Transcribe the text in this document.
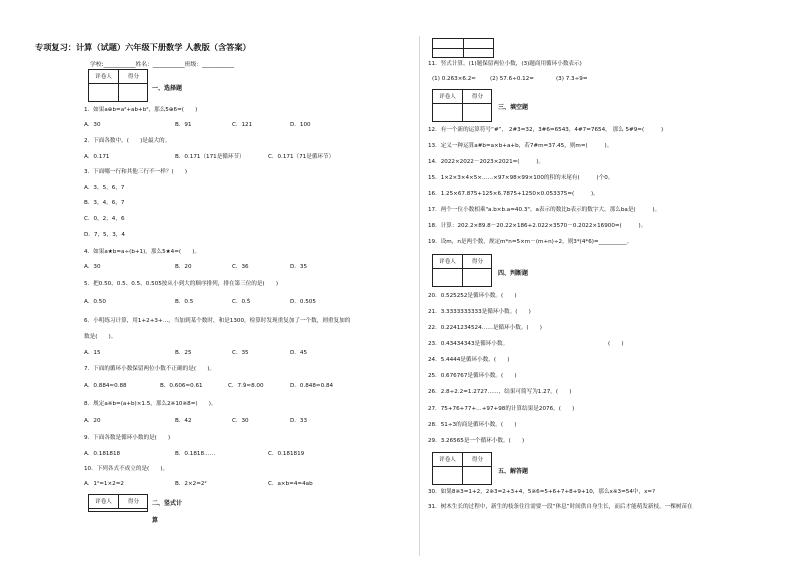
专项复习：计算（试题）六年级下册数学 人教版（含答案）
学校:___________姓名：___________班级：___________
评卷人	得分
一、选择题
1．如果a⊕b=a²+ab+b²，那么5⊕6=(　　)
A．30	B．91	C．121	D．100
2．下面各数中，(　　)是最大的。
A．0.171	B．0.171（171是循环节）	C．0.171（71是循环节）
3．下面哪一行和其他三行不一样？(　　)
A．3，5，6，7
B．3，4，6，7
C．0，2，4，6
D．7，5，3，4
4．如果a★b=a÷(b+1)，那么5★4=(　　)。
A．30	B．20	C．36	D．35
5．把0.50、0.5、0.5̇、0.505按从小到大的顺序排列，排在第三位的是(　　)
A．0.50	B．0.5	C．0.5̇	D．0.505
6．小明练习计算，用1+2+3+…，当加到某个数时，和是1300，检算时发现重复加了一个数，则重复加的
数是(　　)。
A．15	B．25	C．35	D．45
7．下面的循环小数保留两位小数不正确的是(　　)。
A．0.884≈0.88	B．0.606≈0.61	C．7.9̇≈8.00	D．0.848≈0.84
8．规定a※b=(a+b)×1.5，那么2※10※8=(　　)。
A．20	B．42	C．30	D．33
9．下面各数是循环小数的是(　　)
A．0.181818	B．0.1818……	C．0.181819
10．下列各式不成立的是(　　)。
A．1²=1×2=2	B．2×2=2²	C．a×b=4=4ab
评卷人	得分	二、竖式计
算
11．竖式计算。(1)题保留两位小数，(3)题商用循环小数表示)
(1) 0.263×6.2≈	(2) 57.6÷0.12=	(3) 7.3÷9=
评卷人	得分
三、填空题
12．有一个新的运算符号“#”， 2#3=32，3#6=6543，4#7=7654， 那么 5#9=(　　　)
13．定义一种运算a#b=a×b+a+b，若7#m=37.45，则m=(　　　)。
14．2022×2022－2023×2021=(　　　)。
15．1×2×3×4×5×……×97×98×99×100的积的末尾有(　　　)个0。
16．1.25×67.875+125×6.7875+1250×0.053375=(　　　)。
17．两个一位小数相乘"a.b×b.a=40.3"，a表示的数比b表示的数字大，那么ba是(　　　)。
18．计算：202.2×89.8－20.22×186+2.022×3570－0.2022×16900=(　　　)。
19．设m，n是两个数，规定m*n=5×m－(m+n)÷2，则3*(4*6)=__________。
评卷人	得分
四、判断题
20．0.525252是循环小数。(　　)
21．3.3333333333是循环小数。(　　)
22．0.2241234524……是循环小数。(　　)
23．0.43434343是循环小数。	(　　)
24．5.4444是循环小数。(　　)
25．0.676767是循环小数。(　　)
26．2.8÷2.2=1.2727……，结果可简写为1.2̇7̇。(　　)
27．75+76+77+…+97+98的计算结果是2076。(　　)
28．51÷3的商是循环小数。(　　)
29．3.26565是一个循环小数。(　　)
评卷人	得分
五、解答题
30．如果8※3=1+2，2※3=2+3+4，5※6=5+6+7+8+9+10，那么x※3=54中，x=?
31．树木生长的过程中，新生的枝条往往需要一段“休息”时间供自身生长，而后才能萌发新枝。一棵树苗在
